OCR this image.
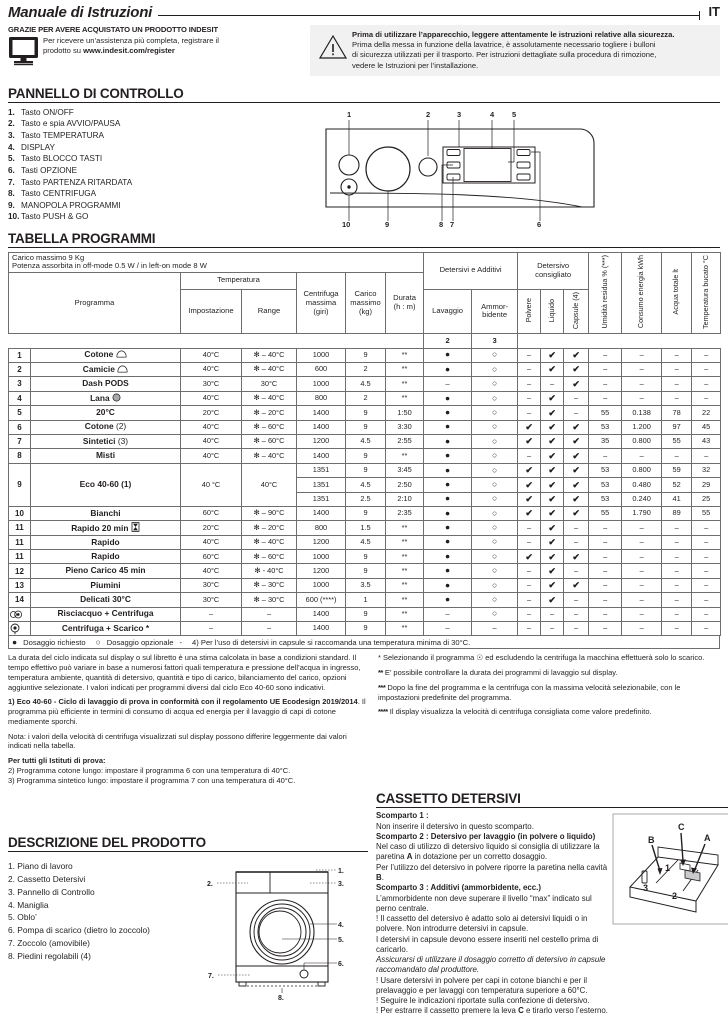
Manuale di Istruzioni	IT
GRAZIE PER AVERE ACQUISTATO UN PRODOTTO INDESIT
Per ricevere un’assistenza più completa, registrare il
prodotto su www.indesit.com/register
Prima di utilizzare l’apparecchio, leggere attentamente le istruzioni relative alla sicurezza.
Prima della messa in funzione della lavatrice, è assolutamente necessario togliere i bulloni
di sicurezza utilizzati per il trasporto. Per istruzioni dettagliate sulla procedura di rimozione,
vedere le Istruzioni per l’installazione.
PANNELLO DI CONTROLLO
1. Tasto ON/OFF
2. Tasto e spia AVVIO/PAUSA
3. Tasto TEMPERATURA
4. DISPLAY
5. Tasto BLOCCO TASTI
6. Tasti OPZIONE
7. Tasto PARTENZA RITARDATA
8. Tasto CENTRIFUGA
9. MANOPOLA PROGRAMMI
10. Tasto PUSH & GO
1	2	3	4 5
10	9	8 7	6
TABELLA PROGRAMMI
Carico massimo 9 Kg
Potenza assorbita in off-mode 0.5 W / in left-on mode 8 W							Detersivi e Additivi		Detersivo
consigliato			Umidità residua % (***)	Consumo energia kWh	Acqua totale lt	Temperatura bucato °C
Programma		Temperatura		Centrifuga
massima
(giri)	Carico
massimo
(kg)	Durata
(h : m)									
		Impostazione	Range				Lavaggio	Ammor-
bidente	Polvere	Liquido	Capsule (4)				
							2	3							
1	Cotone	40°C	✻ – 40°C	1000	9	**	●	○	–	✔	✔	–	–	–	–
2	Camicie	40°C	✻ – 40°C	600	2	**	●	○	–	✔	✔	–	–	–	–
3	Dash PODS	30°C	30°C	1000	4.5	**	–	○	–	–	✔	–	–	–	–
4	Lana	40°C	✻ – 40°C	800	2	**	●	○	–	✔	–	–	–	–	–
5	20°C	20°C	✻ – 20°C	1400	9	1:50	●	○	–	✔	–	55	0.138	78	22
6	Cotone (2)	40°C	✻ – 60°C	1400	9	3:30	●	○	✔	✔	✔	53	1.200	97	45
7	Sintetici (3)	40°C	✻ – 60°C	1200	4.5	2:55	●	○	✔	✔	✔	35	0.800	55	43
8	Misti	40°C	✻ – 40°C	1400	9	**	●	○	–	✔	✔	–	–	–	–
9	Eco 40-60 (1)	40 °C	40°C	1351	9	3:45	●	○	✔	✔	✔	53	0.800	59	32
				1351	4.5	2:50	●	○	✔	✔	✔	53	0.480	52	29
				1351	2.5	2:10	●	○	✔	✔	✔	53	0.240	41	25
10	Bianchi	60°C	✻ – 90°C	1400	9	2:35	●	○	✔	✔	✔	55	1.790	89	55
11	Rapido 20 min	20°C	✻ – 20°C	800	1.5	**	●	○	–	✔	–	–	–	–	–
11	Rapido	40°C	✻ – 40°C	1200	4.5	**	●	○	–	✔	–	–	–	–	–
11	Rapido	60°C	✻ – 60°C	1000	9	**	●	○	✔	✔	✔	–	–	–	–
12	Pieno Carico 45 min	40°C	✻ - 40°C	1200	9	**	●	○	–	✔	–	–	–	–	–
13	Piumini	30°C	✻ – 30°C	1000	3.5	**	●	○	–	✔	✔	–	–	–	–
14	Delicati 30°C	30°C	✻ – 30°C	600 (****)	1	**	●	○	–	✔	–	–	–	–	–

	Risciacquo + Centrifuga	–	–	1400	9	**	–	○	–	–	–	–	–	–	–

	Centrifuga + Scarico *	–	–	1400	9	**	–	–	–	–	–	–	–	–	–
● Dosaggio richiesto ○ Dosaggio opzionale - 4) Per l’uso di detersivi in capsule si raccomanda una temperatura minima di 30°C.

La durata del ciclo indicata sul display o sul libretto è una stima calcolata in base a condizioni standard. Il tempo effettivo può variare in base a numerosi fattori quali temperatura e pressione dell’acqua in ingresso, temperatura ambiente, quantità di detersivo, quantità e tipo di carico, bilanciamento del carico, opzioni aggiuntive selezionate. I valori indicati per programmi diversi dal ciclo Eco 40-60 sono indicativi.

1) Eco 40-60 - Ciclo di lavaggio di prova in conformità con il regolamento UE Ecodesign 2019/2014. Il programma più efficiente in termini di consumo di acqua ed energia per il lavaggio di capi di cotone mediamente sporchi.

Nota: i valori della velocità di centrifuga visualizzati sul display possono differire leggermente dai valori indicati nella tabella.

Per tutti gli Istituti di prova:

2) Programma cotone lungo: impostare il programma 6 con una temperatura di 40°C.

3) Programma sintetico lungo: impostare il programma 7 con una temperatura di 40°C.

* Selezionando il programma ☉ ed escludendo la centrifuga la macchina effettuerà solo lo scarico.

** E’ possibile controllare la durata dei programmi di lavaggio sul display.

*** Dopo la fine del programma e la centrifuga con la massima velocità selezionabile, con le impostazioni predefinite del programma.

**** Il display visualizza la velocità di centrifuga consigliata come valore predefinito.

DESCRIZIONE DEL PRODOTTO
1. Piano di lavoro
2. Cassetto Detersivi
3. Pannello di Controllo
4. Maniglia
5. Oblo’
6. Pompa di scarico (dietro lo zoccolo)
7. Zoccolo (amovibile)
8. Piedini regolabili (4)
1.
2.	3.
4.
5.
6.
7.
8.
CASSETTO DETERSIVI
Scomparto 1 :
Non inserire il detersivo in questo scomparto.
Scomparto 2 : Detersivo per lavaggio (in polvere o liquido)
Nel caso di utilizzo di detersivo liquido si consiglia di utilizzare la paretina A in dotazione per un corretto dosaggio.
Per l’utilizzo del detersivo in polvere riporre la paretina nella cavità B.
Scomparto 3 : Additivi (ammorbidente, ecc.)
L’ammorbidente non deve superare il livello “max” indicato sul perno centrale.
! Il cassetto del detersivo è adatto solo ai detersivi liquidi o in polvere. Non introdurre detersivi in capsule.
I detersivi in capsule devono essere inseriti nel cestello prima di caricarlo.
Assicurarsi di utilizzare il dosaggio corretto di detersivo in capsule raccomandato dal produttore.
! Usare detersivi in polvere per capi in cotone bianchi e per il prelavaggio e per lavaggi con temperatura superiore a 60°C.
! Seguire le indicazioni riportate sulla confezione di detersivo.
! Per estrarre il cassetto premere la leva C e tirarlo verso l’esterno.
B
C
A
1
2
3
